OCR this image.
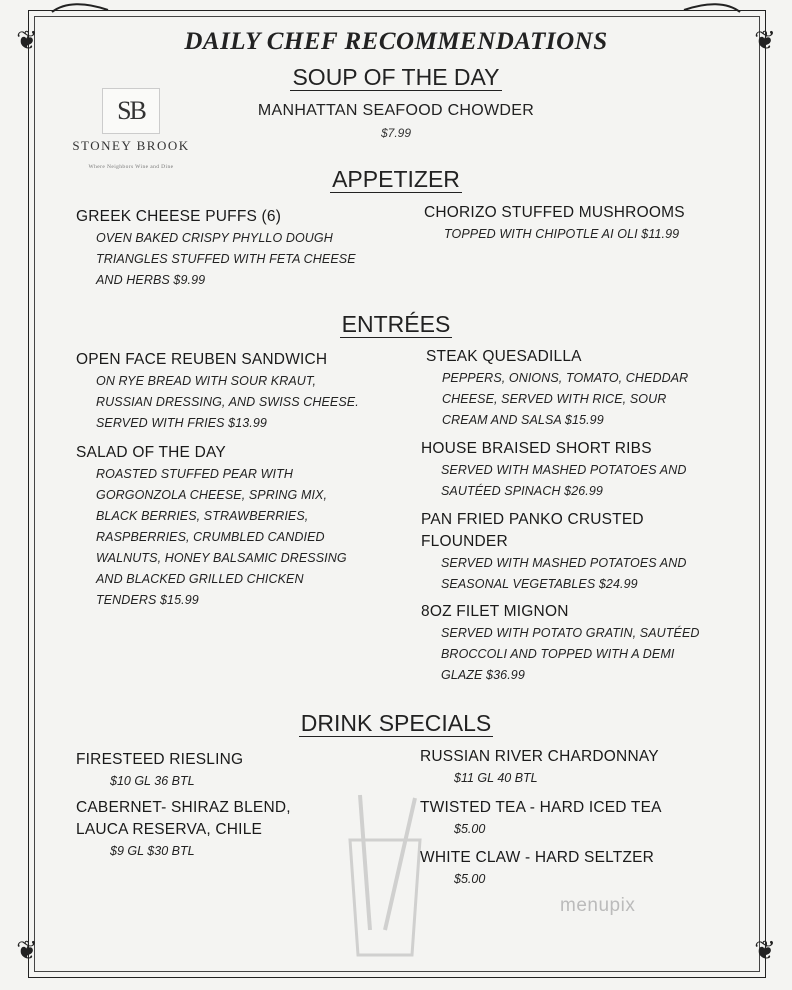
❦	❦
❦	❦
DAILY CHEF RECOMMENDATIONS
SB
STONEY BROOK
Where Neighbors Wine and Dine
SOUP OF THE DAY
MANHATTAN SEAFOOD CHOWDER
$7.99
APPETIZER
GREEK CHEESE PUFFS (6)
OVEN BAKED CRISPY PHYLLO DOUGH
TRIANGLES STUFFED WITH FETA CHEESE
AND HERBS $9.99
CHORIZO STUFFED MUSHROOMS
TOPPED WITH CHIPOTLE AI OLI $11.99
ENTRÉES
OPEN FACE REUBEN SANDWICH
ON RYE BREAD WITH SOUR KRAUT,
RUSSIAN DRESSING, AND SWISS CHEESE.
SERVED WITH FRIES $13.99
SALAD OF THE DAY
ROASTED STUFFED PEAR WITH
GORGONZOLA CHEESE, SPRING MIX,
BLACK BERRIES, STRAWBERRIES,
RASPBERRIES, CRUMBLED CANDIED
WALNUTS, HONEY BALSAMIC DRESSING
AND BLACKED GRILLED CHICKEN
TENDERS $15.99
STEAK QUESADILLA
PEPPERS, ONIONS, TOMATO, CHEDDAR
CHEESE, SERVED WITH RICE, SOUR
CREAM AND SALSA $15.99
HOUSE BRAISED SHORT RIBS
SERVED WITH MASHED POTATOES AND
SAUTÉED SPINACH $26.99
PAN FRIED PANKO CRUSTED
FLOUNDER
SERVED WITH MASHED POTATOES AND
SEASONAL VEGETABLES $24.99
8OZ FILET MIGNON
SERVED WITH POTATO GRATIN, SAUTÉED
BROCCOLI AND TOPPED WITH A DEMI
GLAZE $36.99
DRINK SPECIALS
FIRESTEED RIESLING
$10 GL 36 BTL
CABERNET- SHIRAZ BLEND,
LAUCA RESERVA, CHILE
$9 GL $30 BTL
RUSSIAN RIVER CHARDONNAY
$11 GL 40 BTL
TWISTED TEA - HARD ICED TEA
$5.00
WHITE CLAW - HARD SELTZER
$5.00
menupix
